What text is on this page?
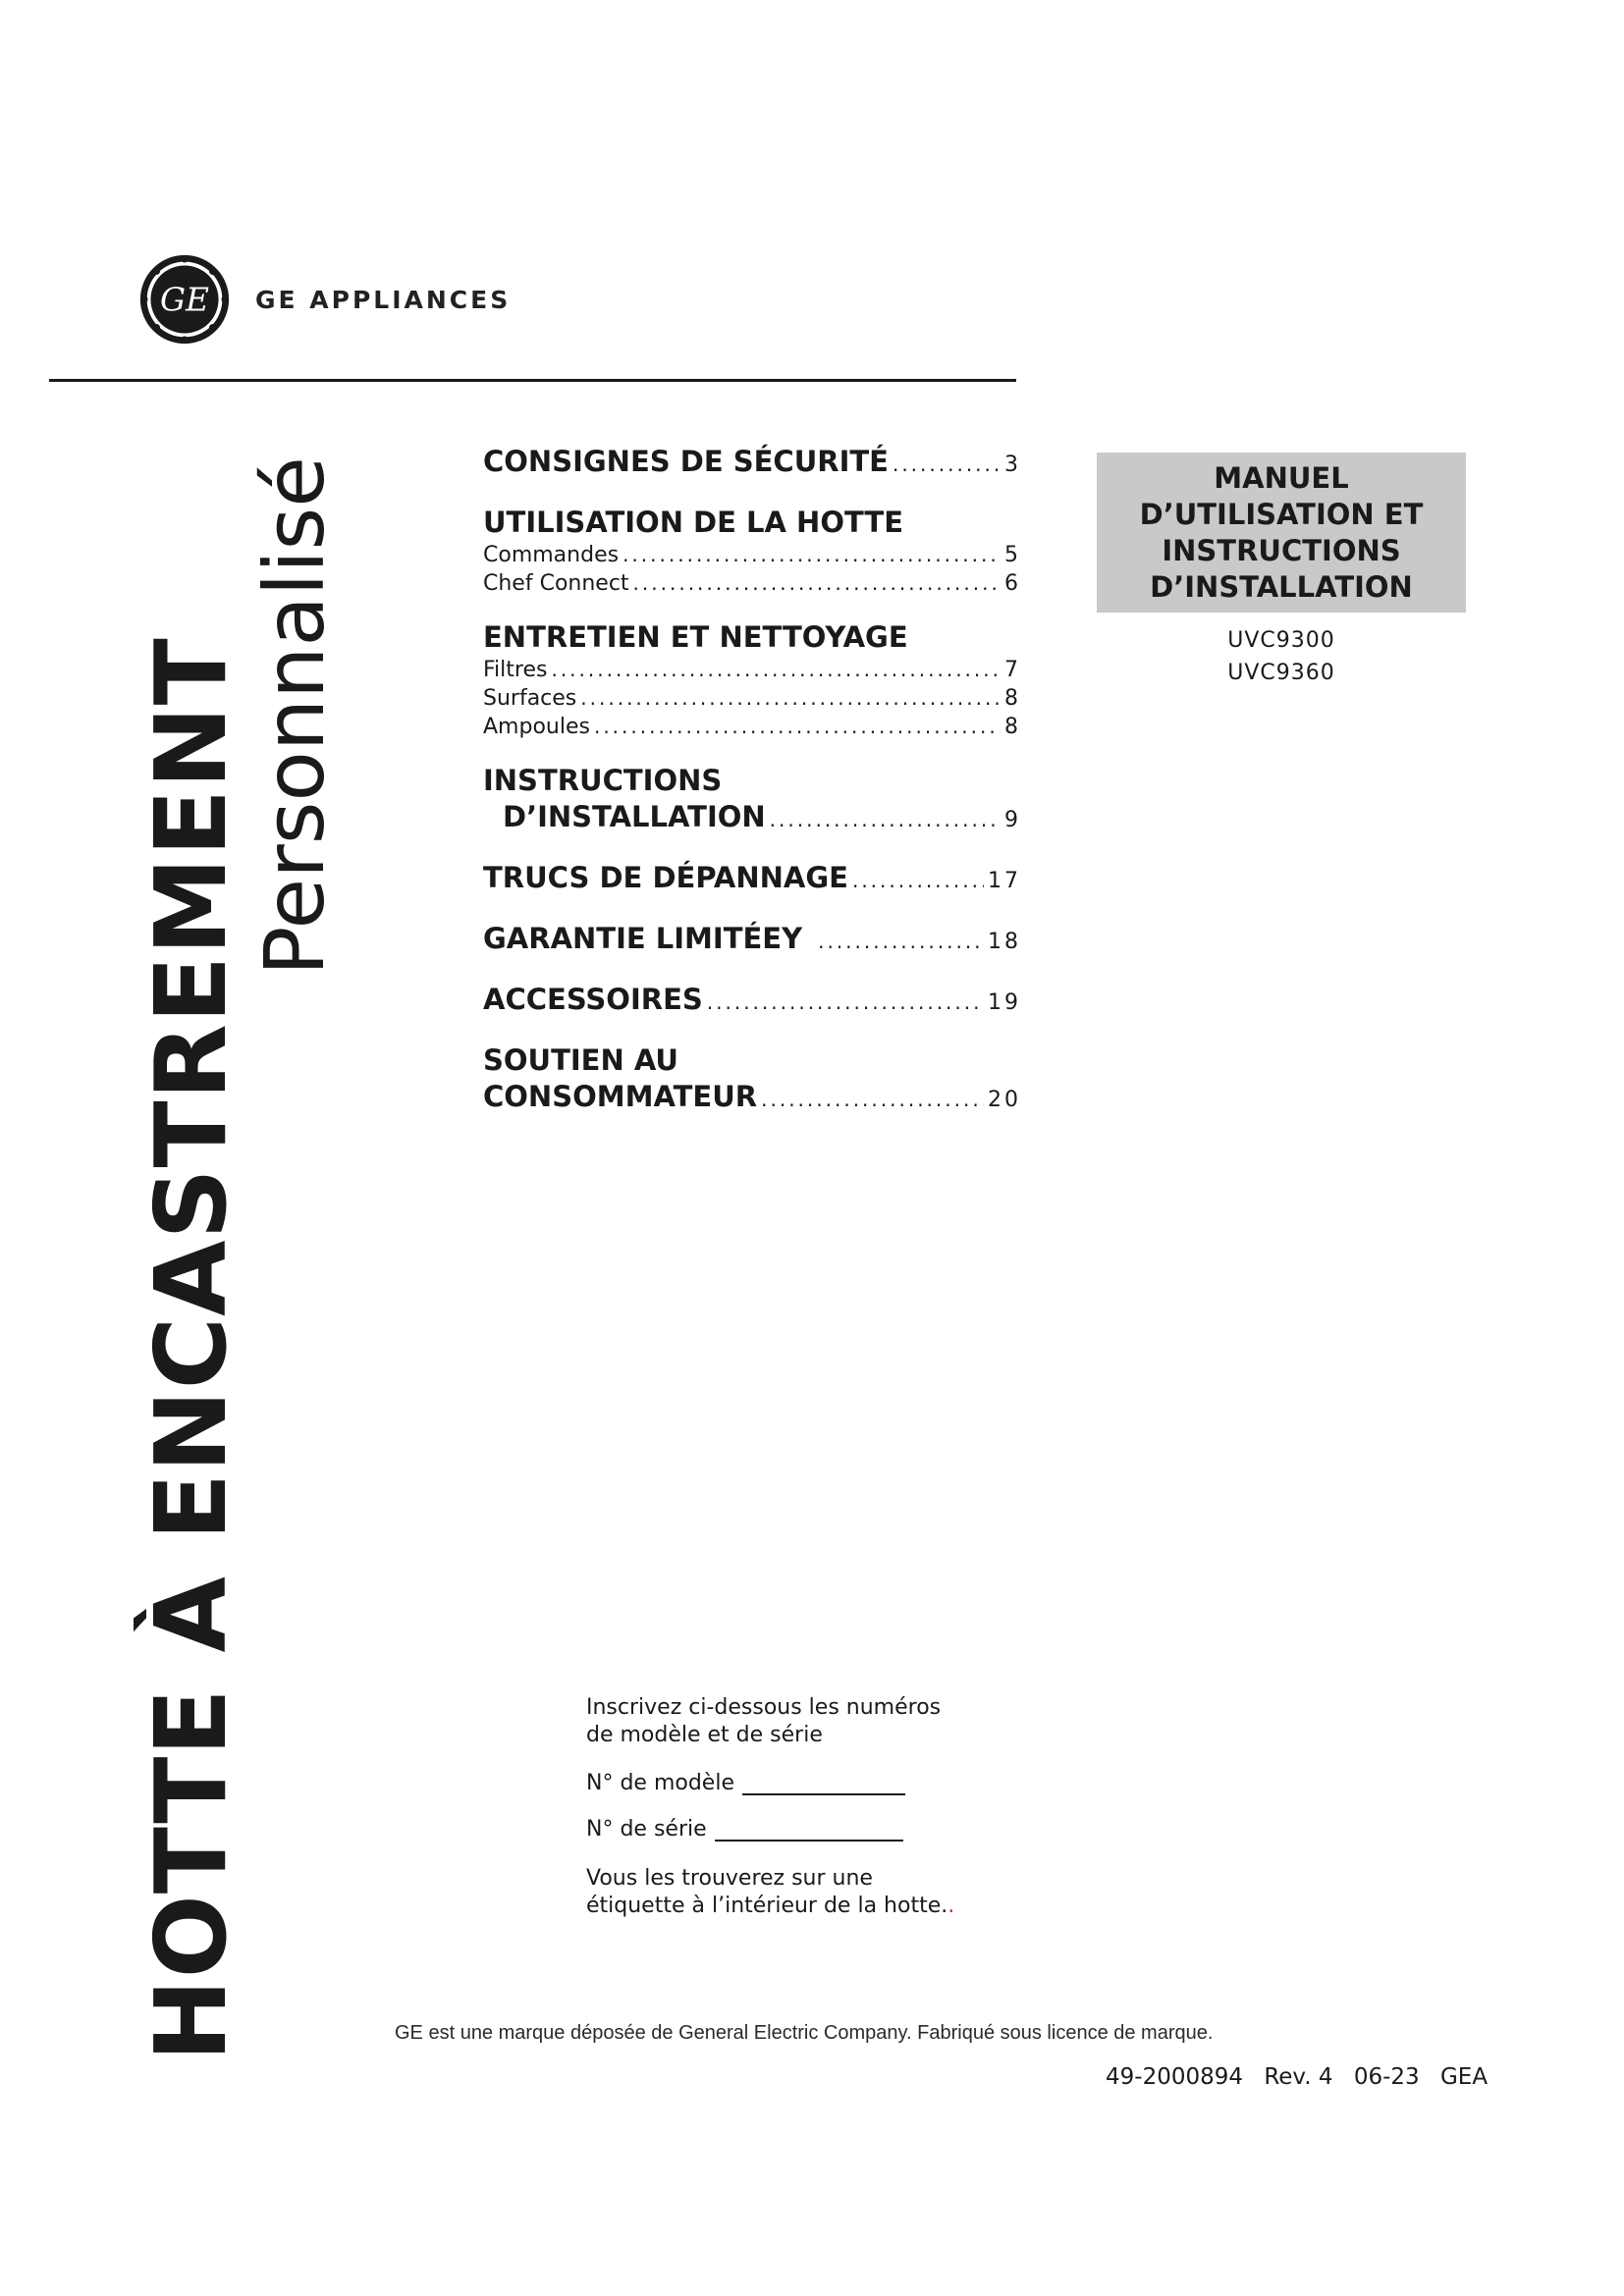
GE GE APPLIANCES
HOTTE À ENCASTREMENT
Personnalisé	CONSIGNES DE SÉCURITÉ .....	3
UTILISATION DE LA HOTTE
Commandes .....	5
Chef Connect .....	6
ENTRETIEN ET NETTOYAGE
Filtres .....	7
Surfaces .....	8
Ampoules .....	8
INSTRUCTIONS
D’INSTALLATION .....	9
TRUCS DE DÉPANNAGE .....	17
GARANTIE LIMITÉEY .....	18
ACCESSOIRES .....	19
SOUTIEN AU
CONSOMMATEUR .....	20
MANUEL
D’UTILISATION ET
INSTRUCTIONS
D’INSTALLATION
UVC9300
UVC9360

Inscrivez ci-dessous les numéros

de modèle et de série

N° de modèle
N° de série

Vous les trouverez sur une

étiquette à l’intérieur de la hotte..

GE est une marque déposée de General Electric Company. Fabriqué sous licence de marque.
49-2000894 Rev. 4 06-23 GEA
